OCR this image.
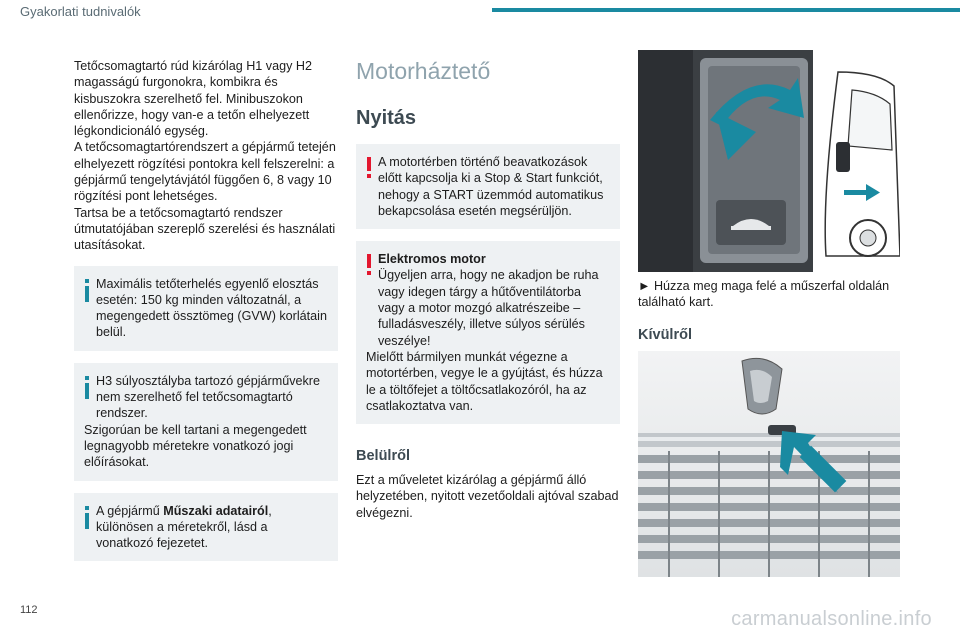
Gyakorlati tudnivalók

Tetőcsomagtartó rúd kizárólag H1 vagy H2 magasságú furgonokra, kombikra és kisbuszokra szerelhető fel. Minibuszokon ellenőrizze, hogy van-e a tetőn elhelyezett légkondicionáló egység.

A tetőcsomagtartórendszert a gépjármű tetején elhelyezett rögzítési pontokra kell felszerelni: a gépjármű tengelytávjától függően 6, 8 vagy 10 rögzítési pont lehetséges.

Tartsa be a tetőcsomagtartó rendszer útmutatójában szereplő szerelési és használati utasításokat.

Maximális tetőterhelés egyenlő elosztás esetén: 150 kg minden változatnál, a megengedett össztömeg (GVW) korlátain belül.
H3 súlyosztályba tartozó gépjárművekre nem szerelhető fel tetőcsomagtartó rendszer.
Szigorúan be kell tartani a megengedett legnagyobb méretekre vonatkozó jogi előírásokat.
A gépjármű Műszaki adatairól, különösen a méretekről, lásd a vonatkozó fejezetet.
Motorháztető
Nyitás
A motortérben történő beavatkozások előtt kapcsolja ki a Stop & Start funkciót, nehogy a START üzemmód automatikus bekapcsolása esetén megsérüljön.
Elektromos motor
Ügyeljen arra, hogy ne akadjon be ruha vagy idegen tárgy a hűtőventilátorba vagy a motor mozgó alkatrészeibe – fulladásveszély, illetve súlyos sérülés veszélye!
Mielőtt bármilyen munkát végezne a motortérben, vegye le a gyújtást, és húzza le a töltőfejet a töltőcsatlakozóról, ha az csatlakoztatva van.
Belülről

Ezt a műveletet kizárólag a gépjármű álló helyzetében, nyitott vezetőoldali ajtóval szabad elvégezni.

► Húzza meg maga felé a műszerfal oldalán található kart.

Kívülről
112	carmanualsonline.info
